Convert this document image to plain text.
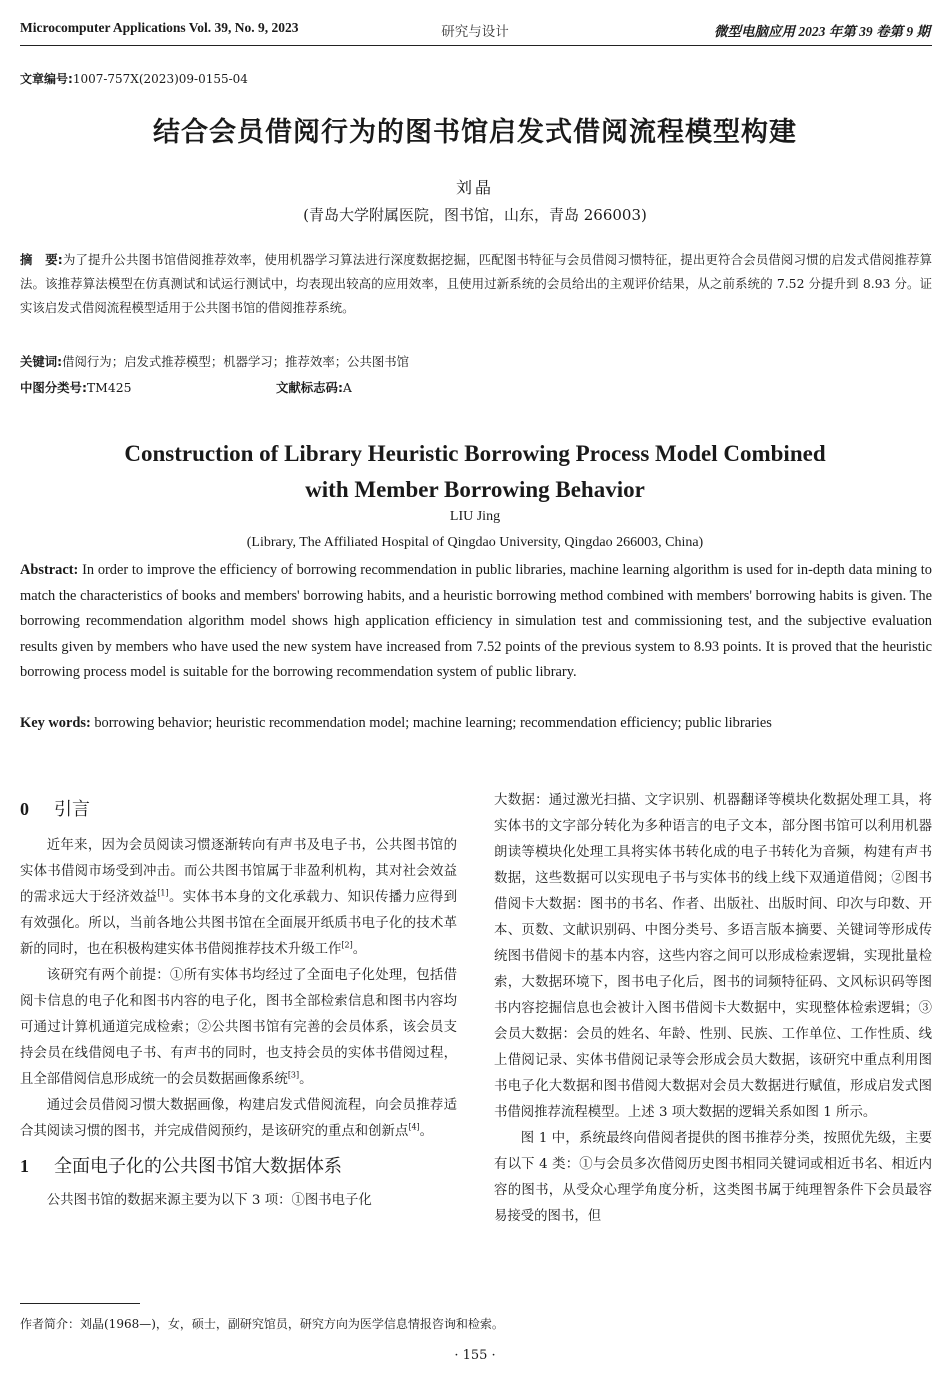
Microcomputer Applications Vol. 39, No. 9, 2023	研究与设计	微型电脑应用 2023 年第 39 卷第 9 期
文章编号:1007-757X(2023)09-0155-04
结合会员借阅行为的图书馆启发式借阅流程模型构建
刘晶
(青岛大学附属医院，图书馆，山东，青岛 266003)
摘　要:为了提升公共图书馆借阅推荐效率，使用机器学习算法进行深度数据挖掘，匹配图书特征与会员借阅习惯特征，提出更符合会员借阅习惯的启发式借阅推荐算法。该推荐算法模型在仿真测试和试运行测试中，均表现出较高的应用效率，且使用过新系统的会员给出的主观评价结果，从之前系统的 7.52 分提升到 8.93 分。证实该启发式借阅流程模型适用于公共图书馆的借阅推荐系统。
关键词:借阅行为；启发式推荐模型；机器学习；推荐效率；公共图书馆
中图分类号:TM425	文献标志码:A
Construction of Library Heuristic Borrowing Process Model Combined
with Member Borrowing Behavior
LIU Jing
(Library, The Affiliated Hospital of Qingdao University, Qingdao 266003, China)
Abstract: In order to improve the efficiency of borrowing recommendation in public libraries, machine learning algorithm is used for in-depth data mining to match the characteristics of books and members' borrowing habits, and a heuristic borrowing method combined with members' borrowing habits is given. The borrowing recommendation algorithm model shows high application efficiency in simulation test and commissioning test, and the subjective evaluation results given by members who have used the new system have increased from 7.52 points of the previous system to 8.93 points. It is proved that the heuristic borrowing process model is suitable for the borrowing recommendation system of public library.
Key words: borrowing behavior; heuristic recommendation model; machine learning; recommendation efficiency; public libraries
0 引言

近年来，因为会员阅读习惯逐渐转向有声书及电子书，公共图书馆的实体书借阅市场受到冲击。而公共图书馆属于非盈利机构，其对社会效益的需求远大于经济效益[1]。实体书本身的文化承载力、知识传播力应得到有效强化。所以，当前各地公共图书馆在全面展开纸质书电子化的技术革新的同时，也在积极构建实体书借阅推荐技术升级工作[2]。

该研究有两个前提：①所有实体书均经过了全面电子化处理，包括借阅卡信息的电子化和图书内容的电子化，图书全部检索信息和图书内容均可通过计算机通道完成检索；②公共图书馆有完善的会员体系，该会员支持会员在线借阅电子书、有声书的同时，也支持会员的实体书借阅过程，且全部借阅信息形成统一的会员数据画像系统[3]。

通过会员借阅习惯大数据画像，构建启发式借阅流程，向会员推荐适合其阅读习惯的图书，并完成借阅预约，是该研究的重点和创新点[4]。

1 全面电子化的公共图书馆大数据体系

公共图书馆的数据来源主要为以下 3 项：①图书电子化

大数据：通过激光扫描、文字识别、机器翻译等模块化数据处理工具，将实体书的文字部分转化为多种语言的电子文本，部分图书馆可以利用机器朗读等模块化处理工具将实体书转化成的电子书转化为音频，构建有声书数据，这些数据可以实现电子书与实体书的线上线下双通道借阅；②图书借阅卡大数据：图书的书名、作者、出版社、出版时间、印次与印数、开本、页数、文献识别码、中图分类号、多语言版本摘要、关键词等形成传统图书借阅卡的基本内容，这些内容之间可以形成检索逻辑，实现批量检索，大数据环境下，图书电子化后，图书的词频特征码、文风标识码等图书内容挖掘信息也会被计入图书借阅卡大数据中，实现整体检索逻辑；③会员大数据：会员的姓名、年龄、性别、民族、工作单位、工作性质、线上借阅记录、实体书借阅记录等会形成会员大数据，该研究中重点利用图书电子化大数据和图书借阅大数据对会员大数据进行赋值，形成启发式图书借阅推荐流程模型。上述 3 项大数据的逻辑关系如图 1 所示。

图 1 中，系统最终向借阅者提供的图书推荐分类，按照优先级，主要有以下 4 类：①与会员多次借阅历史图书相同关键词或相近书名、相近内容的图书，从受众心理学角度分析，这类图书属于纯理智条件下会员最容易接受的图书，但

作者简介：刘晶(1968—)，女，硕士，副研究馆员，研究方向为医学信息情报咨询和检索。
· 155 ·
